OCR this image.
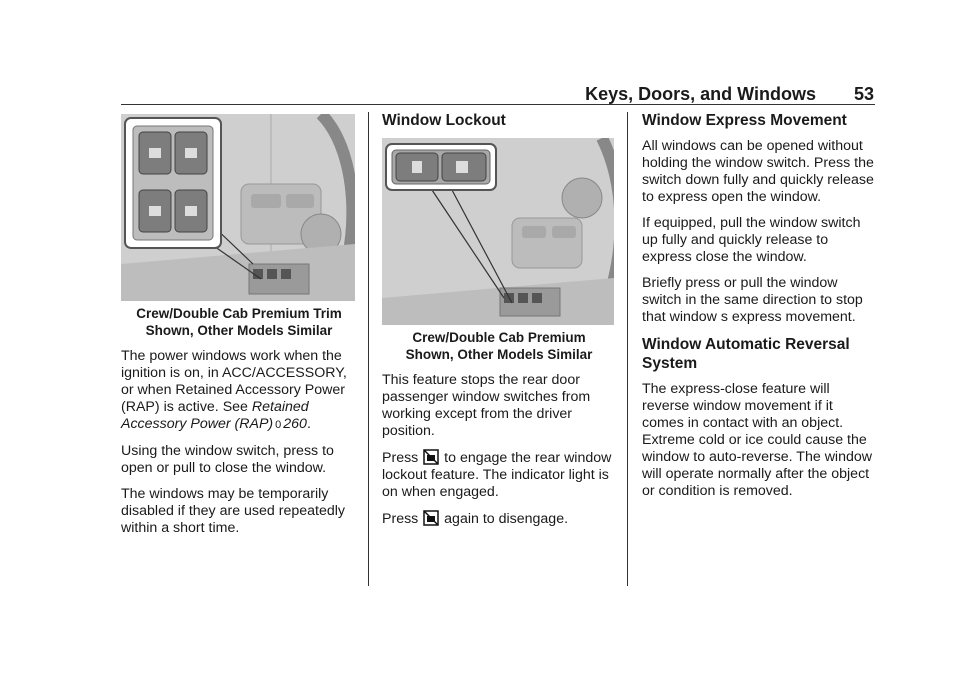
Keys, Doors, and Windows 53
Crew/Double Cab Premium Trim
Shown, Other Models Similar

The power windows work when the ignition is on, in ACC/ACCESSORY, or when Retained Accessory Power (RAP) is active. See Retained Accessory Power (RAP) 0 260.

Using the window switch, press to open or pull to close the window.

The windows may be temporarily disabled if they are used repeatedly within a short time.

Window Lockout
Crew/Double Cab Premium
Shown, Other Models Similar

This feature stops the rear door passenger window switches from working except from the driver position.

Press to engage the rear window lockout feature. The indicator light is on when engaged.

Press again to disengage.

Window Express Movement

All windows can be opened without holding the window switch. Press the switch down fully and quickly release to express open the window.

If equipped, pull the window switch up fully and quickly release to express close the window.

Briefly press or pull the window switch in the same direction to stop that window s express movement.

Window Automatic Reversal System

The express-close feature will reverse window movement if it comes in contact with an object. Extreme cold or ice could cause the window to auto-reverse. The window will operate normally after the object or condition is removed.
